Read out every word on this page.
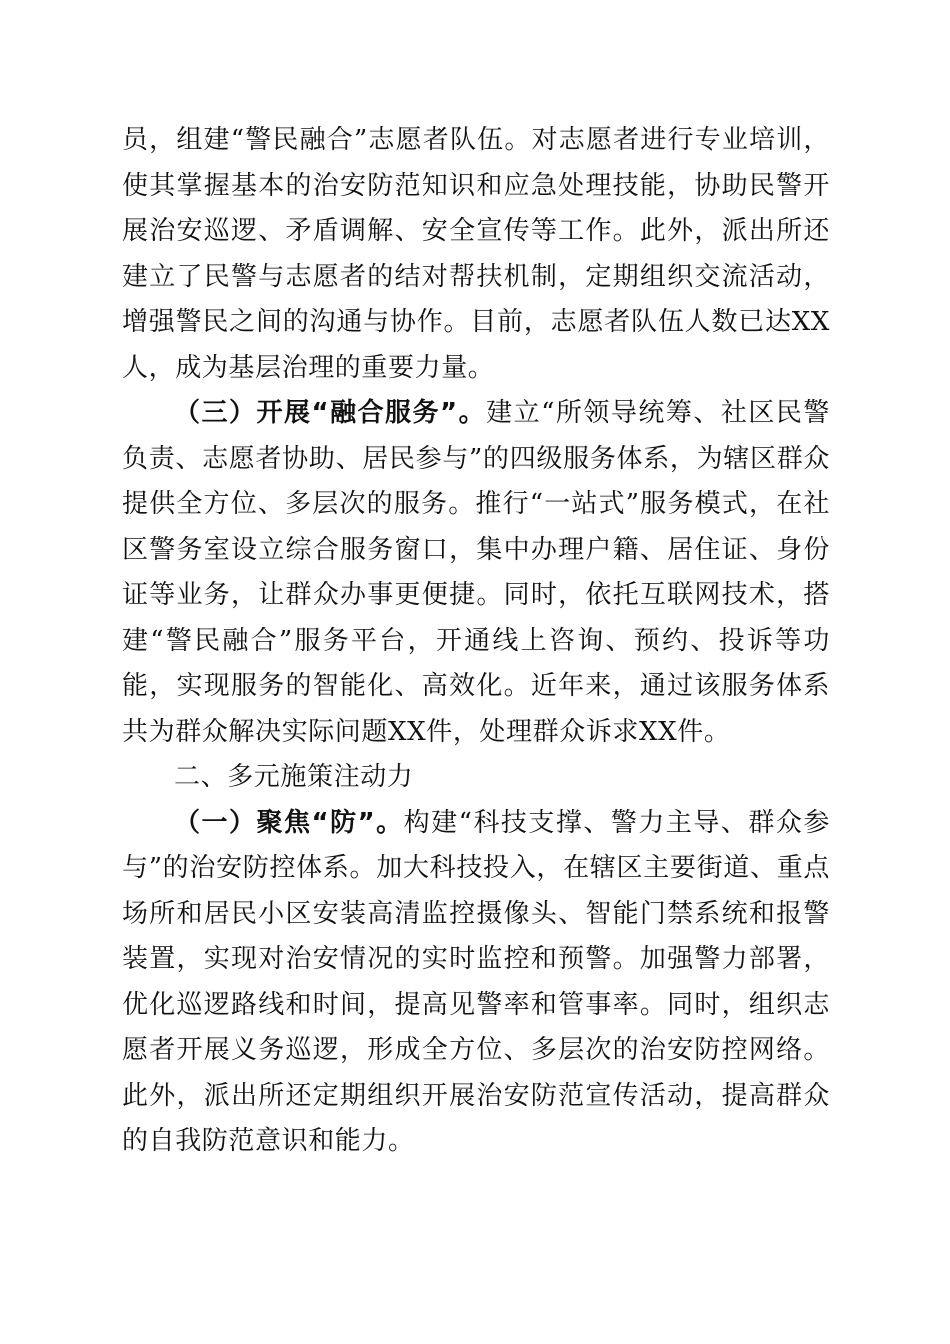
员，组建“警民融合”志愿者队伍。对志愿者进行专业培训，使其掌握基本的治安防范知识和应急处理技能，协助民警开展治安巡逻、矛盾调解、安全宣传等工作。此外，派出所还建立了民警与志愿者的结对帮扶机制，定期组织交流活动，增强警民之间的沟通与协作。目前，志愿者队伍人数已达XX人，成为基层治理的重要力量。

（三）开展“融合服务”。建立“所领导统筹、社区民警负责、志愿者协助、居民参与”的四级服务体系，为辖区群众提供全方位、多层次的服务。推行“一站式”服务模式，在社区警务室设立综合服务窗口，集中办理户籍、居住证、身份证等业务，让群众办事更便捷。同时，依托互联网技术，搭建“警民融合”服务平台，开通线上咨询、预约、投诉等功能，实现服务的智能化、高效化。近年来，通过该服务体系共为群众解决实际问题XX件，处理群众诉求XX件。

二、多元施策注动力

（一）聚焦“防”。构建“科技支撑、警力主导、群众参与”的治安防控体系。加大科技投入，在辖区主要街道、重点场所和居民小区安装高清监控摄像头、智能门禁系统和报警装置，实现对治安情况的实时监控和预警。加强警力部署，优化巡逻路线和时间，提高见警率和管事率。同时，组织志愿者开展义务巡逻，形成全方位、多层次的治安防控网络。此外，派出所还定期组织开展治安防范宣传活动，提高群众的自我防范意识和能力。
